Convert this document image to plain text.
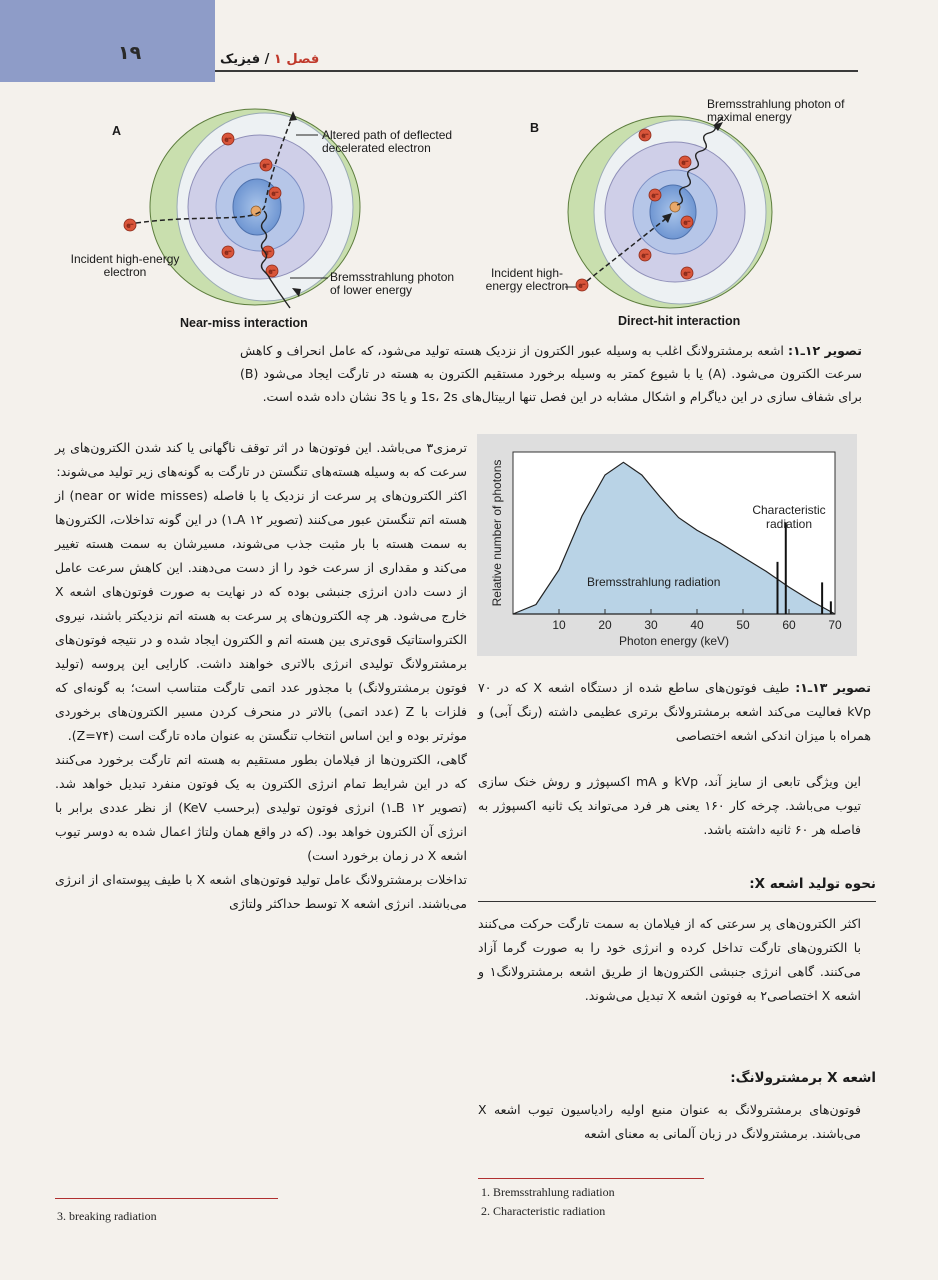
۱۹	فصل ۱ / فیزیک
e⁻
e⁻
e⁻	e⁻
e⁻
e⁻
e⁻
A	Altered path of deflected decelerated electron
Incident high-energy electron	Bremsstrahlung photon of lower energy
Near-miss interaction
e⁻
e⁻
e⁻
e⁻
e⁻
e⁻
e⁻
B
Bremsstrahlung photon of maximal energy
Incident high-energy electron
Direct-hit interaction
تصویر ۱۲ـ۱: اشعه برمشترولانگ اغلب به وسیله عبور الکترون از نزدیک هسته تولید می‌شود، که عامل انحراف و کاهش سرعت الکترون می‌شود. (A) یا با شیوع کمتر به وسیله برخورد مستقیم الکترون به هسته در تارگت ایجاد می‌شود (B) برای شفاف سازی در این دیاگرام و اشکال مشابه در این فصل تنها اربیتال‌های 1s، 2s و یا 3s نشان داده شده است.

ترمزی۳ می‌باشد. این فوتون‌ها در اثر توقف ناگهانی یا کند شدن الکترون‌های پر سرعت که به وسیله هسته‌های تنگستن در تارگت به گونه‌های زیر تولید می‌شوند:

اکثر الکترون‌های پر سرعت از نزدیک یا با فاصله (near or wide misses) از هسته اتم تنگستن عبور می‌کنند (تصویر A ۱۲ـ۱) در این گونه تداخلات، الکترون‌ها به سمت هسته با بار مثبت جذب می‌شوند، مسیرشان به سمت هسته تغییر می‌کند و مقداری از سرعت خود را از دست می‌دهند. این کاهش سرعت عامل از دست دادن انرژی جنبشی بوده که در نهایت به صورت فوتون‌های اشعه X خارج می‌شود. هر چه الکترون‌های پر سرعت به هسته اتم نزدیکتر باشند، نیروی الکترواستاتیک قوی‌تری بین هسته اتم و الکترون ایجاد شده و در نتیجه فوتون‌های برمشترولانگ تولیدی انرژی بالاتری خواهند داشت. کارایی این پروسه (تولید فوتون برمشترولانگ) با مجذور عدد اتمی تارگت متناسب است؛ به گونه‌ای که فلزات با Z (عدد اتمی) بالاتر در منحرف کردن مسیر الکترون‌های برخوردی موثرتر بوده و این اساس انتخاب تنگستن به عنوان ماده تارگت است (Z=۷۴).

گاهی، الکترون‌ها از فیلامان بطور مستقیم به هسته اتم تارگت برخورد می‌کنند که در این شرایط تمام انرژی الکترون به یک فوتون منفرد تبدیل خواهد شد. (تصویر B ۱۲ـ۱) انرژی فوتون تولیدی (برحسب KeV) از نظر عددی برابر با انرژی آن الکترون خواهد بود. (که در واقع همان ولتاژ اعمال شده به دوسر تیوب اشعه X در زمان برخورد است)

تداخلات برمشترولانگ عامل تولید فوتون‌های اشعه X با طیف پیوسته‌ای از انرژی می‌باشند. انرژی اشعه X توسط حداکثر ولتاژی

10	20	30	40	50	60	70
Bremsstrahlung radiation
Characteristic radiation
Photon energy (keV)
Relative number of photons
تصویر ۱۳ـ۱: طیف فوتون‌های ساطع شده از دستگاه اشعه X که در ۷۰ kVp فعالیت می‌کند اشعه برمشترولانگ برتری عظیمی داشته (رنگ آبی) و همراه با میزان اندکی اشعه اختصاصی
این ویژگی تابعی از سایز آند، kVp و mA اکسپوژر و روش خنک سازی تیوب می‌باشد. چرخه کار ۱۶۰ یعنی هر فرد می‌تواند یک ثانیه اکسپوژر به فاصله هر ۶۰ ثانیه داشته باشد.
نحوه تولید اشعه X:
اکثر الکترون‌های پر سرعتی که از فیلامان به سمت تارگت حرکت می‌کنند با الکترون‌های تارگت تداخل کرده و انرژی خود را به صورت گرما آزاد می‌کنند. گاهی انرژی جنبشی الکترون‌ها از طریق اشعه برمشترولانگ۱ و اشعه X اختصاصی۲ به فوتون اشعه X تبدیل می‌شوند.
اشعه X برمشترولانگ:
فوتون‌های برمشترولانگ به عنوان منبع اولیه رادیاسیون تیوب اشعه X می‌باشند. برمشترولانگ در زبان آلمانی به معنای اشعه
1. Bremsstrahlung radiation
2. Characteristic radiation
3. breaking radiation
